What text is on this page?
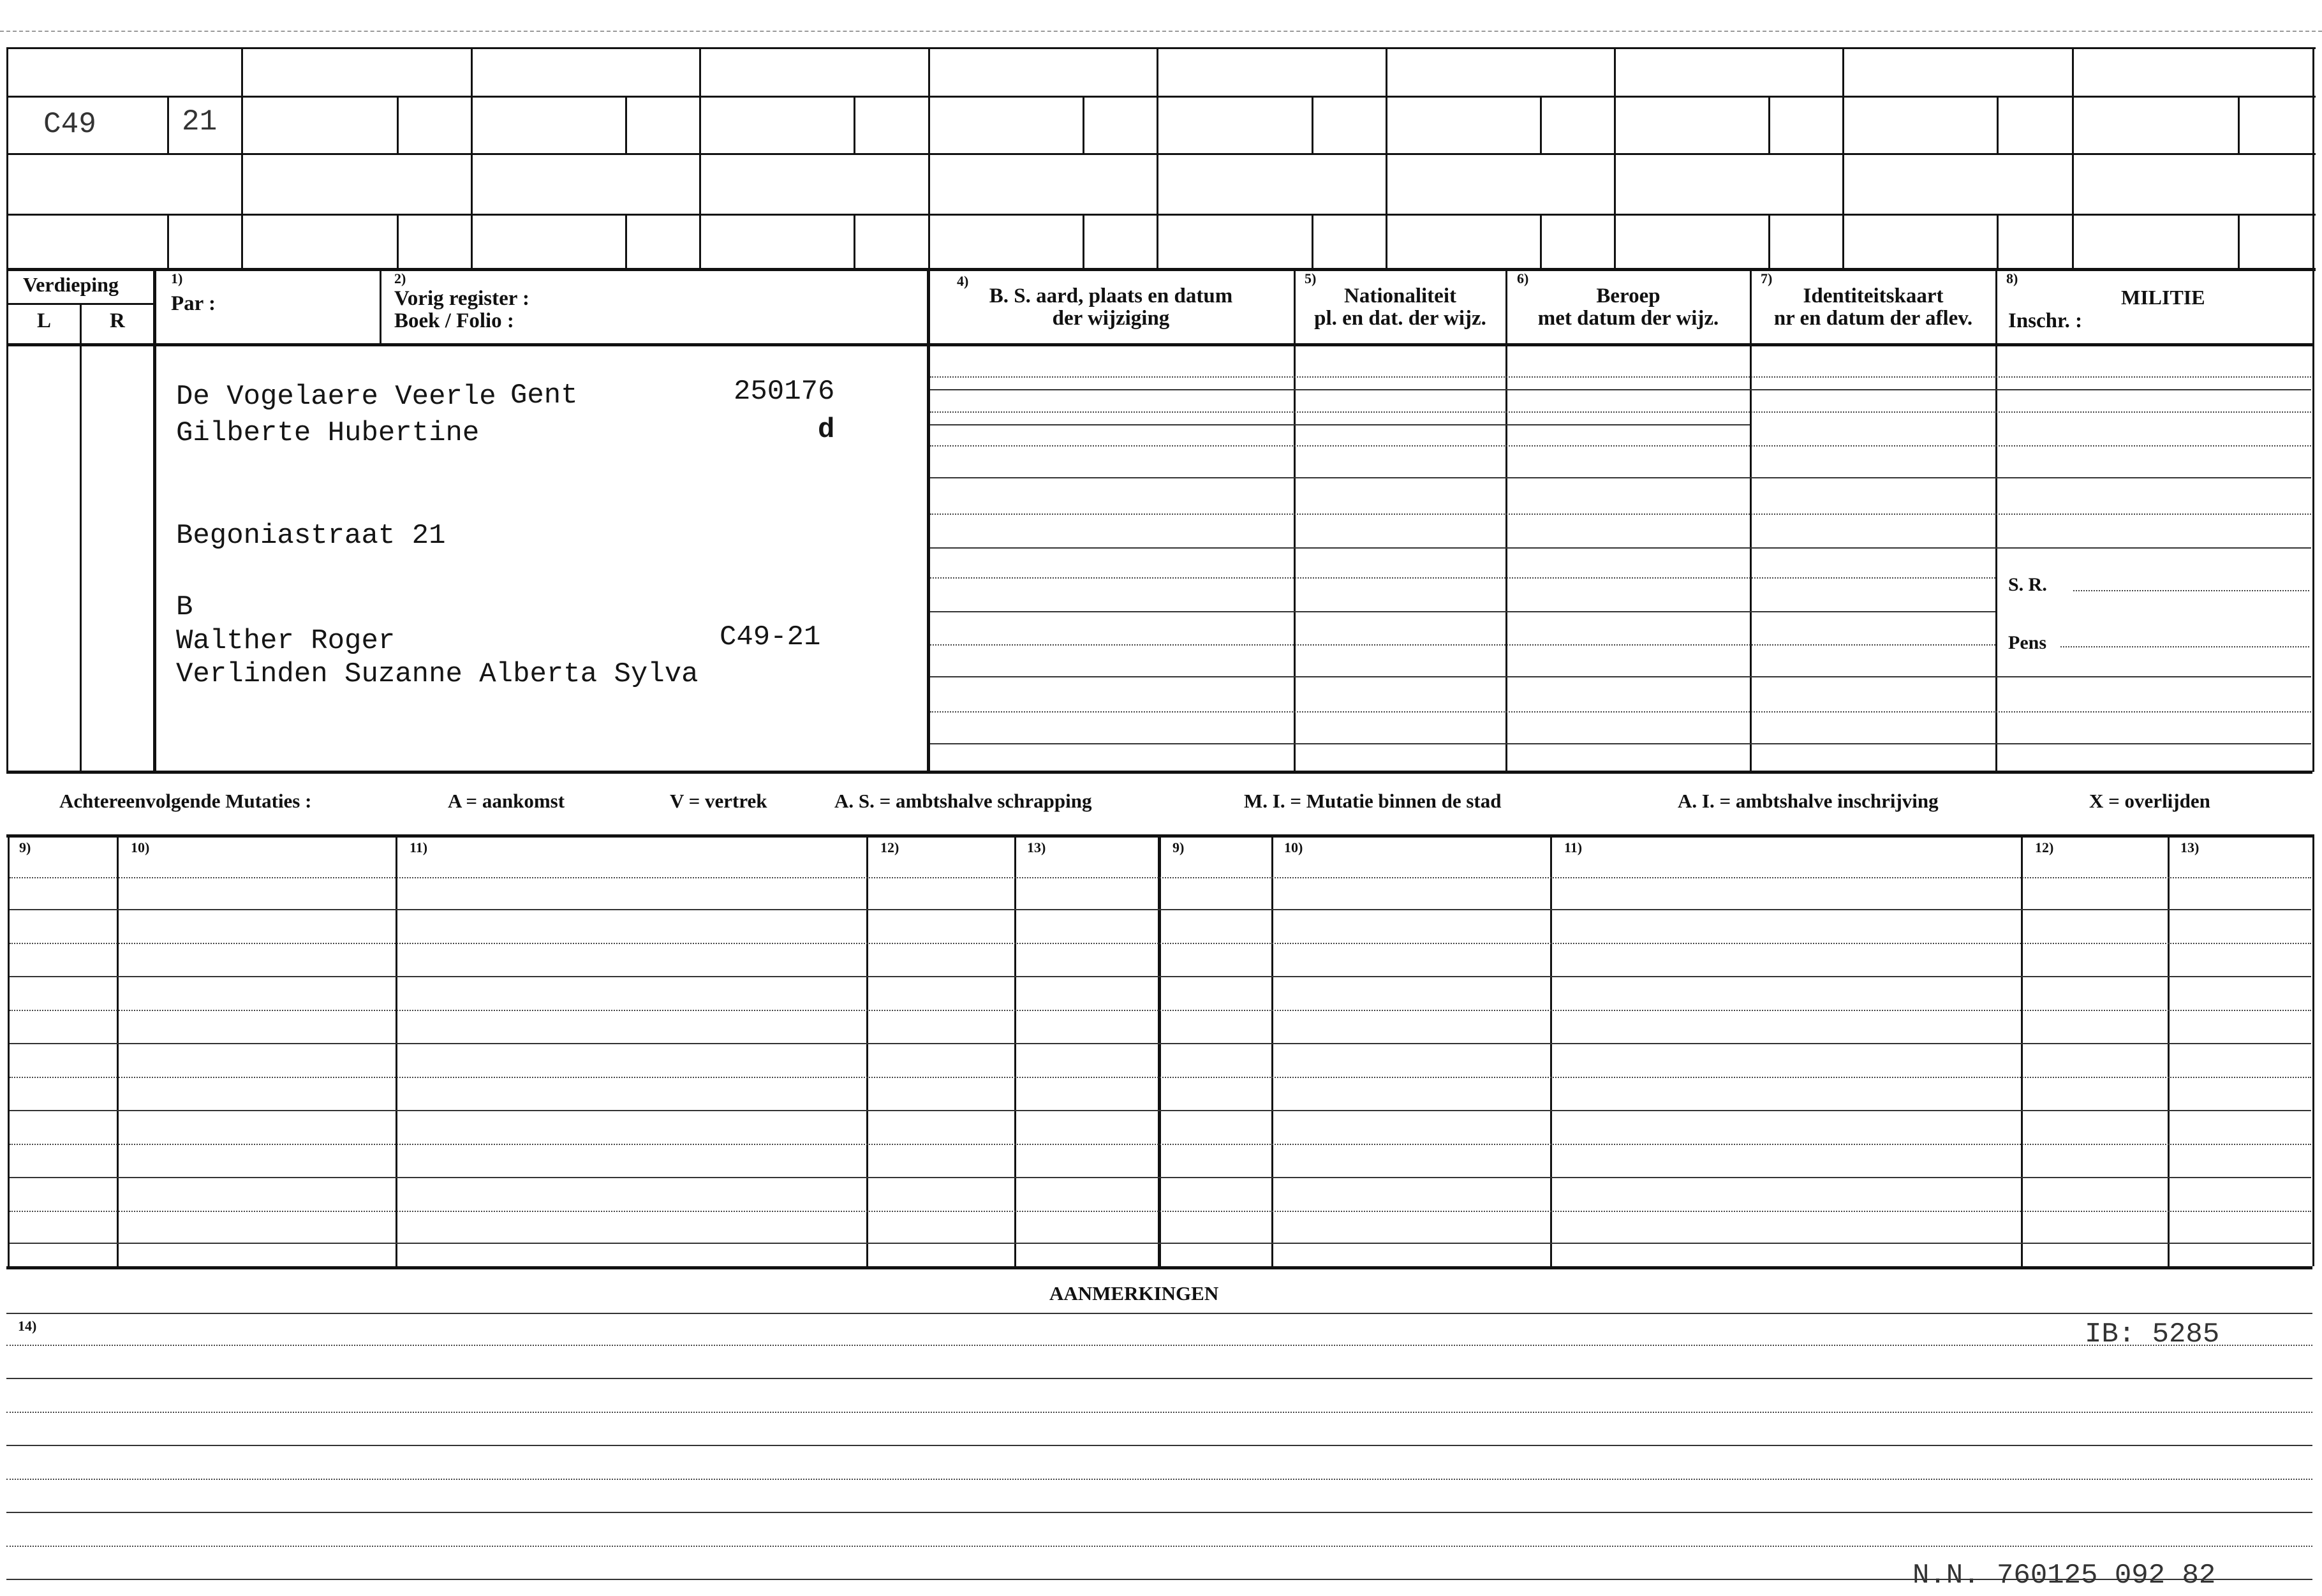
C49	21
Verdieping
L	R
1)
Par :
2)
Vorig register :
Boek / Folio :
4)
B. S. aard, plaats en datum
der wijziging
5)
Nationaliteit
pl. en dat. der wijz.
6)
Beroep
met datum der wijz.
7)
Identiteitskaart
nr en datum der aflev.
8)
MILITIE
Inschr. :
S. R.
Pens
De Vogelaere Veerle Gent	250176
Gilberte Hubertine	d
Begoniastraat 21
B
Walther Roger	C49-21
Verlinden Suzanne Alberta Sylva
Achtereenvolgende Mutaties :	A = aankomst	V = vertrek	A. S. = ambtshalve schrapping	M. I. = Mutatie binnen de stad	A. I. = ambtshalve inschrijving	X = overlijden
9)	10)	11)	12)	13)	9)	10)	11)	12)	13)
AANMERKINGEN
14)	IB: 5285
N.N. 760125 092 82
